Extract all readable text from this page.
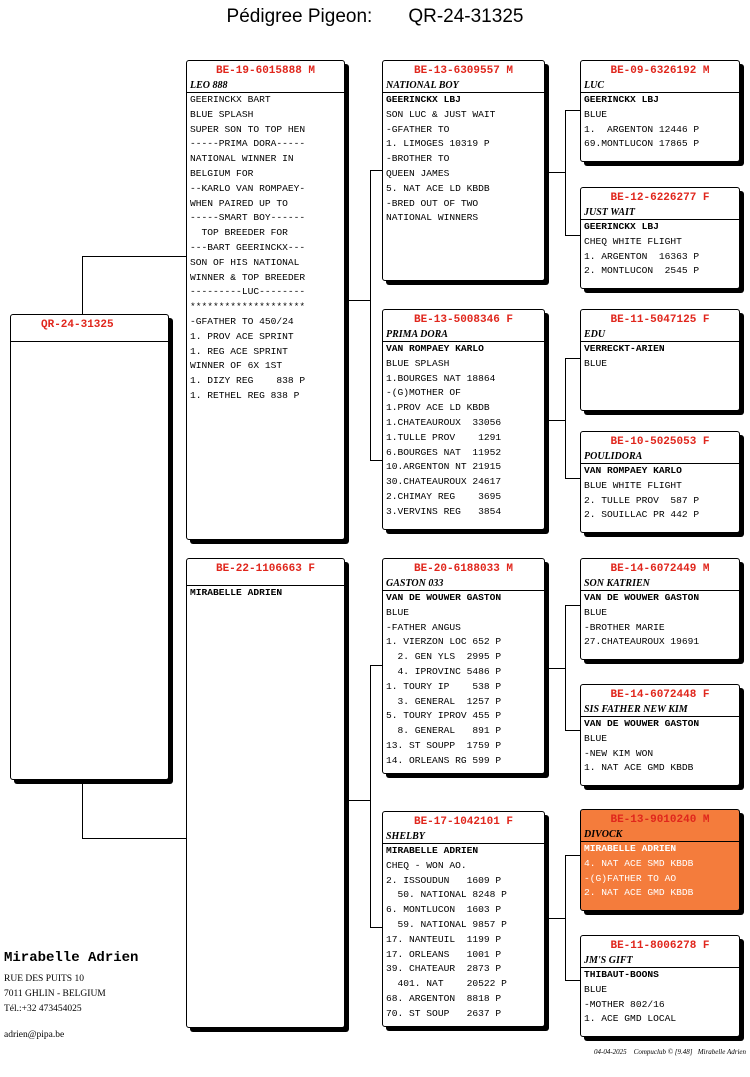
Pédigree Pigeon: QR-24-31325
QR-24-31325
BE-19-6015888 M
LEO 888
GEERINCKX BART
BLUE SPLASH
SUPER SON TO TOP HEN
-----PRIMA DORA-----
NATIONAL WINNER IN
BELGIUM FOR
--KARLO VAN ROMPAEY-
WHEN PAIRED UP TO
-----SMART BOY------
TOP BREEDER FOR
---BART GEERINCKX---
SON OF HIS NATIONAL
WINNER & TOP BREEDER
---------LUC--------
********************
-GFATHER TO 450/24
1. PROV ACE SPRINT
1. REG ACE SPRINT
WINNER OF 6X 1ST
1. DIZY REG    838 P
1. RETHEL REG 838 P
BE-22-1106663 F
MIRABELLE ADRIEN
BE-13-6309557 M
NATIONAL BOY
GEERINCKX LBJ
SON LUC & JUST WAIT
-GFATHER TO
1. LIMOGES 10319 P
-BROTHER TO
QUEEN JAMES
5. NAT ACE LD KBDB
-BRED OUT OF TWO
NATIONAL WINNERS
BE-13-5008346 F
PRIMA DORA
VAN ROMPAEY KARLO
BLUE SPLASH
1.BOURGES NAT 18864
-(G)MOTHER OF
1.PROV ACE LD KBDB
1.CHATEAUROUX  33056
1.TULLE PROV    1291
6.BOURGES NAT  11952
10.ARGENTON NT 21915
30.CHATEAUROUX 24617
2.CHIMAY REG    3695
3.VERVINS REG   3854
BE-20-6188033 M
GASTON 033
VAN DE WOUWER GASTON
BLUE
-FATHER ANGUS
1. VIERZON LOC 652 P
2. GEN YLS  2995 P
4. IPROVINC 5486 P
1. TOURY IP    538 P
3. GENERAL  1257 P
5. TOURY IPROV 455 P
8. GENERAL   891 P
13. ST SOUPP  1759 P
14. ORLEANS RG 599 P
BE-17-1042101 F
SHELBY
MIRABELLE ADRIEN
CHEQ - WON AO.
2. ISSOUDUN   1609 P
50. NATIONAL 8248 P
6. MONTLUCON  1603 P
59. NATIONAL 9857 P
17. NANTEUIL  1199 P
17. ORLEANS   1001 P
39. CHATEAUR  2873 P
401. NAT    20522 P
68. ARGENTON  8818 P
70. ST SOUP   2637 P
BE-09-6326192 M
LUC
GEERINCKX LBJ
BLUE
1.  ARGENTON 12446 P
69.MONTLUCON 17865 P
BE-12-6226277 F
JUST WAIT
GEERINCKX LBJ
CHEQ WHITE FLIGHT
1. ARGENTON  16363 P
2. MONTLUCON  2545 P
BE-11-5047125 F
EDU
VERRECKT-ARIEN
BLUE
BE-10-5025053 F
POULIDORA
VAN ROMPAEY KARLO
BLUE WHITE FLIGHT
2. TULLE PROV  587 P
2. SOUILLAC PR 442 P
BE-14-6072449 M
SON KATRIEN
VAN DE WOUWER GASTON
BLUE
-BROTHER MARIE
27.CHATEAUROUX 19691
BE-14-6072448 F
SIS FATHER NEW KIM
VAN DE WOUWER GASTON
BLUE
-NEW KIM WON
1. NAT ACE GMD KBDB
BE-13-9010240 M
DIVOCK
MIRABELLE ADRIEN
4. NAT ACE SMD KBDB
-(G)FATHER TO AO
2. NAT ACE GMD KBDB
BE-11-8006278 F
JM'S GIFT
THIBAUT-BOONS
BLUE
-MOTHER 802/16
1. ACE GMD LOCAL
Mirabelle Adrien
RUE DES PUITS 10
7011 GHLIN - BELGIUM
Tél.:+32 473454025
adrien@pipa.be
04-04-2025 Compuclub © [9.48] Mirabelle Adrien
